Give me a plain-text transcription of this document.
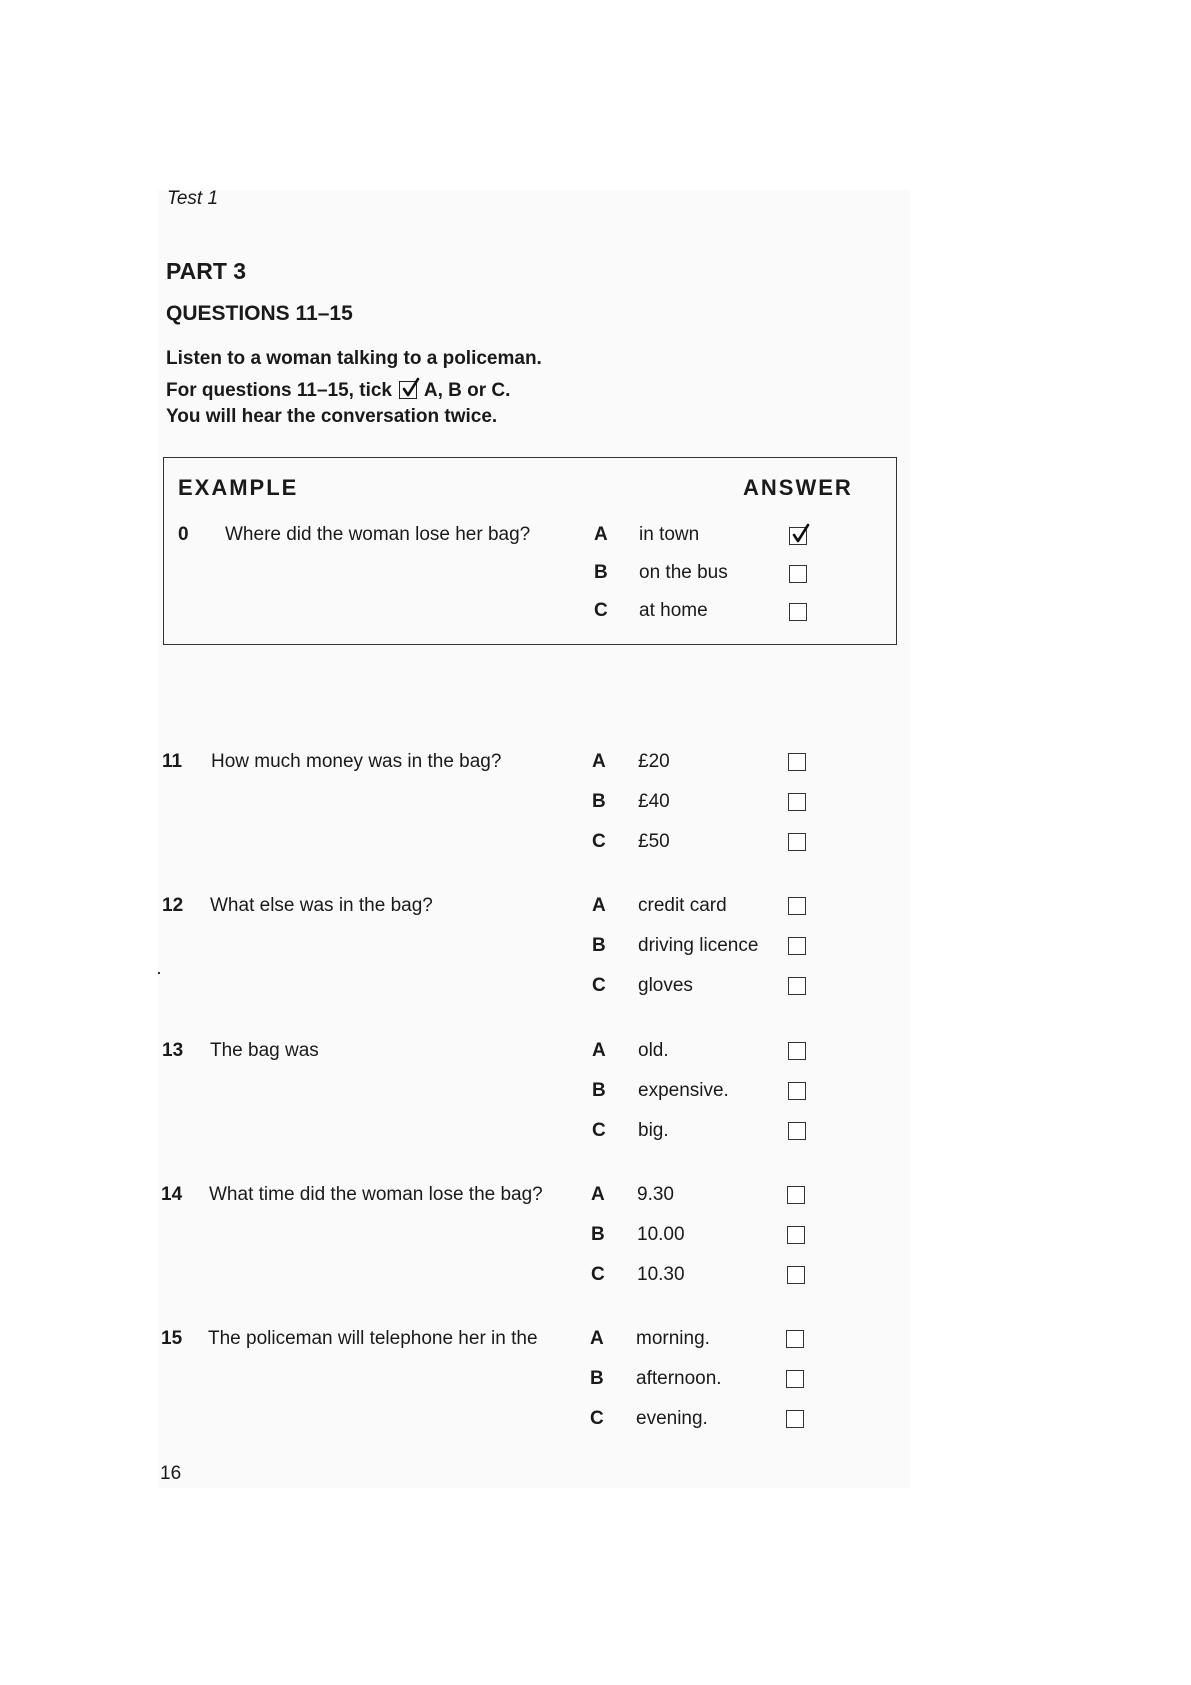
Test 1
PART 3
QUESTIONS 11–15
Listen to a woman talking to a policeman.
For questions 11–15, tick A, B or C.
You will hear the conversation twice.
EXAMPLE	ANSWER
0 Where did the woman lose her bag?	A in town
B on the bus
C at home
11 How much money was in the bag?	A £20
B £40
C £50
12 What else was in the bag?	A credit card
B driving licence
C gloves
13 The bag was	A old.
B expensive.
C big.
14 What time did the woman lose the bag?	A 9.30
B 10.00
C 10.30
15 The policeman will telephone her in the	A morning.
B afternoon.
C evening.
16
